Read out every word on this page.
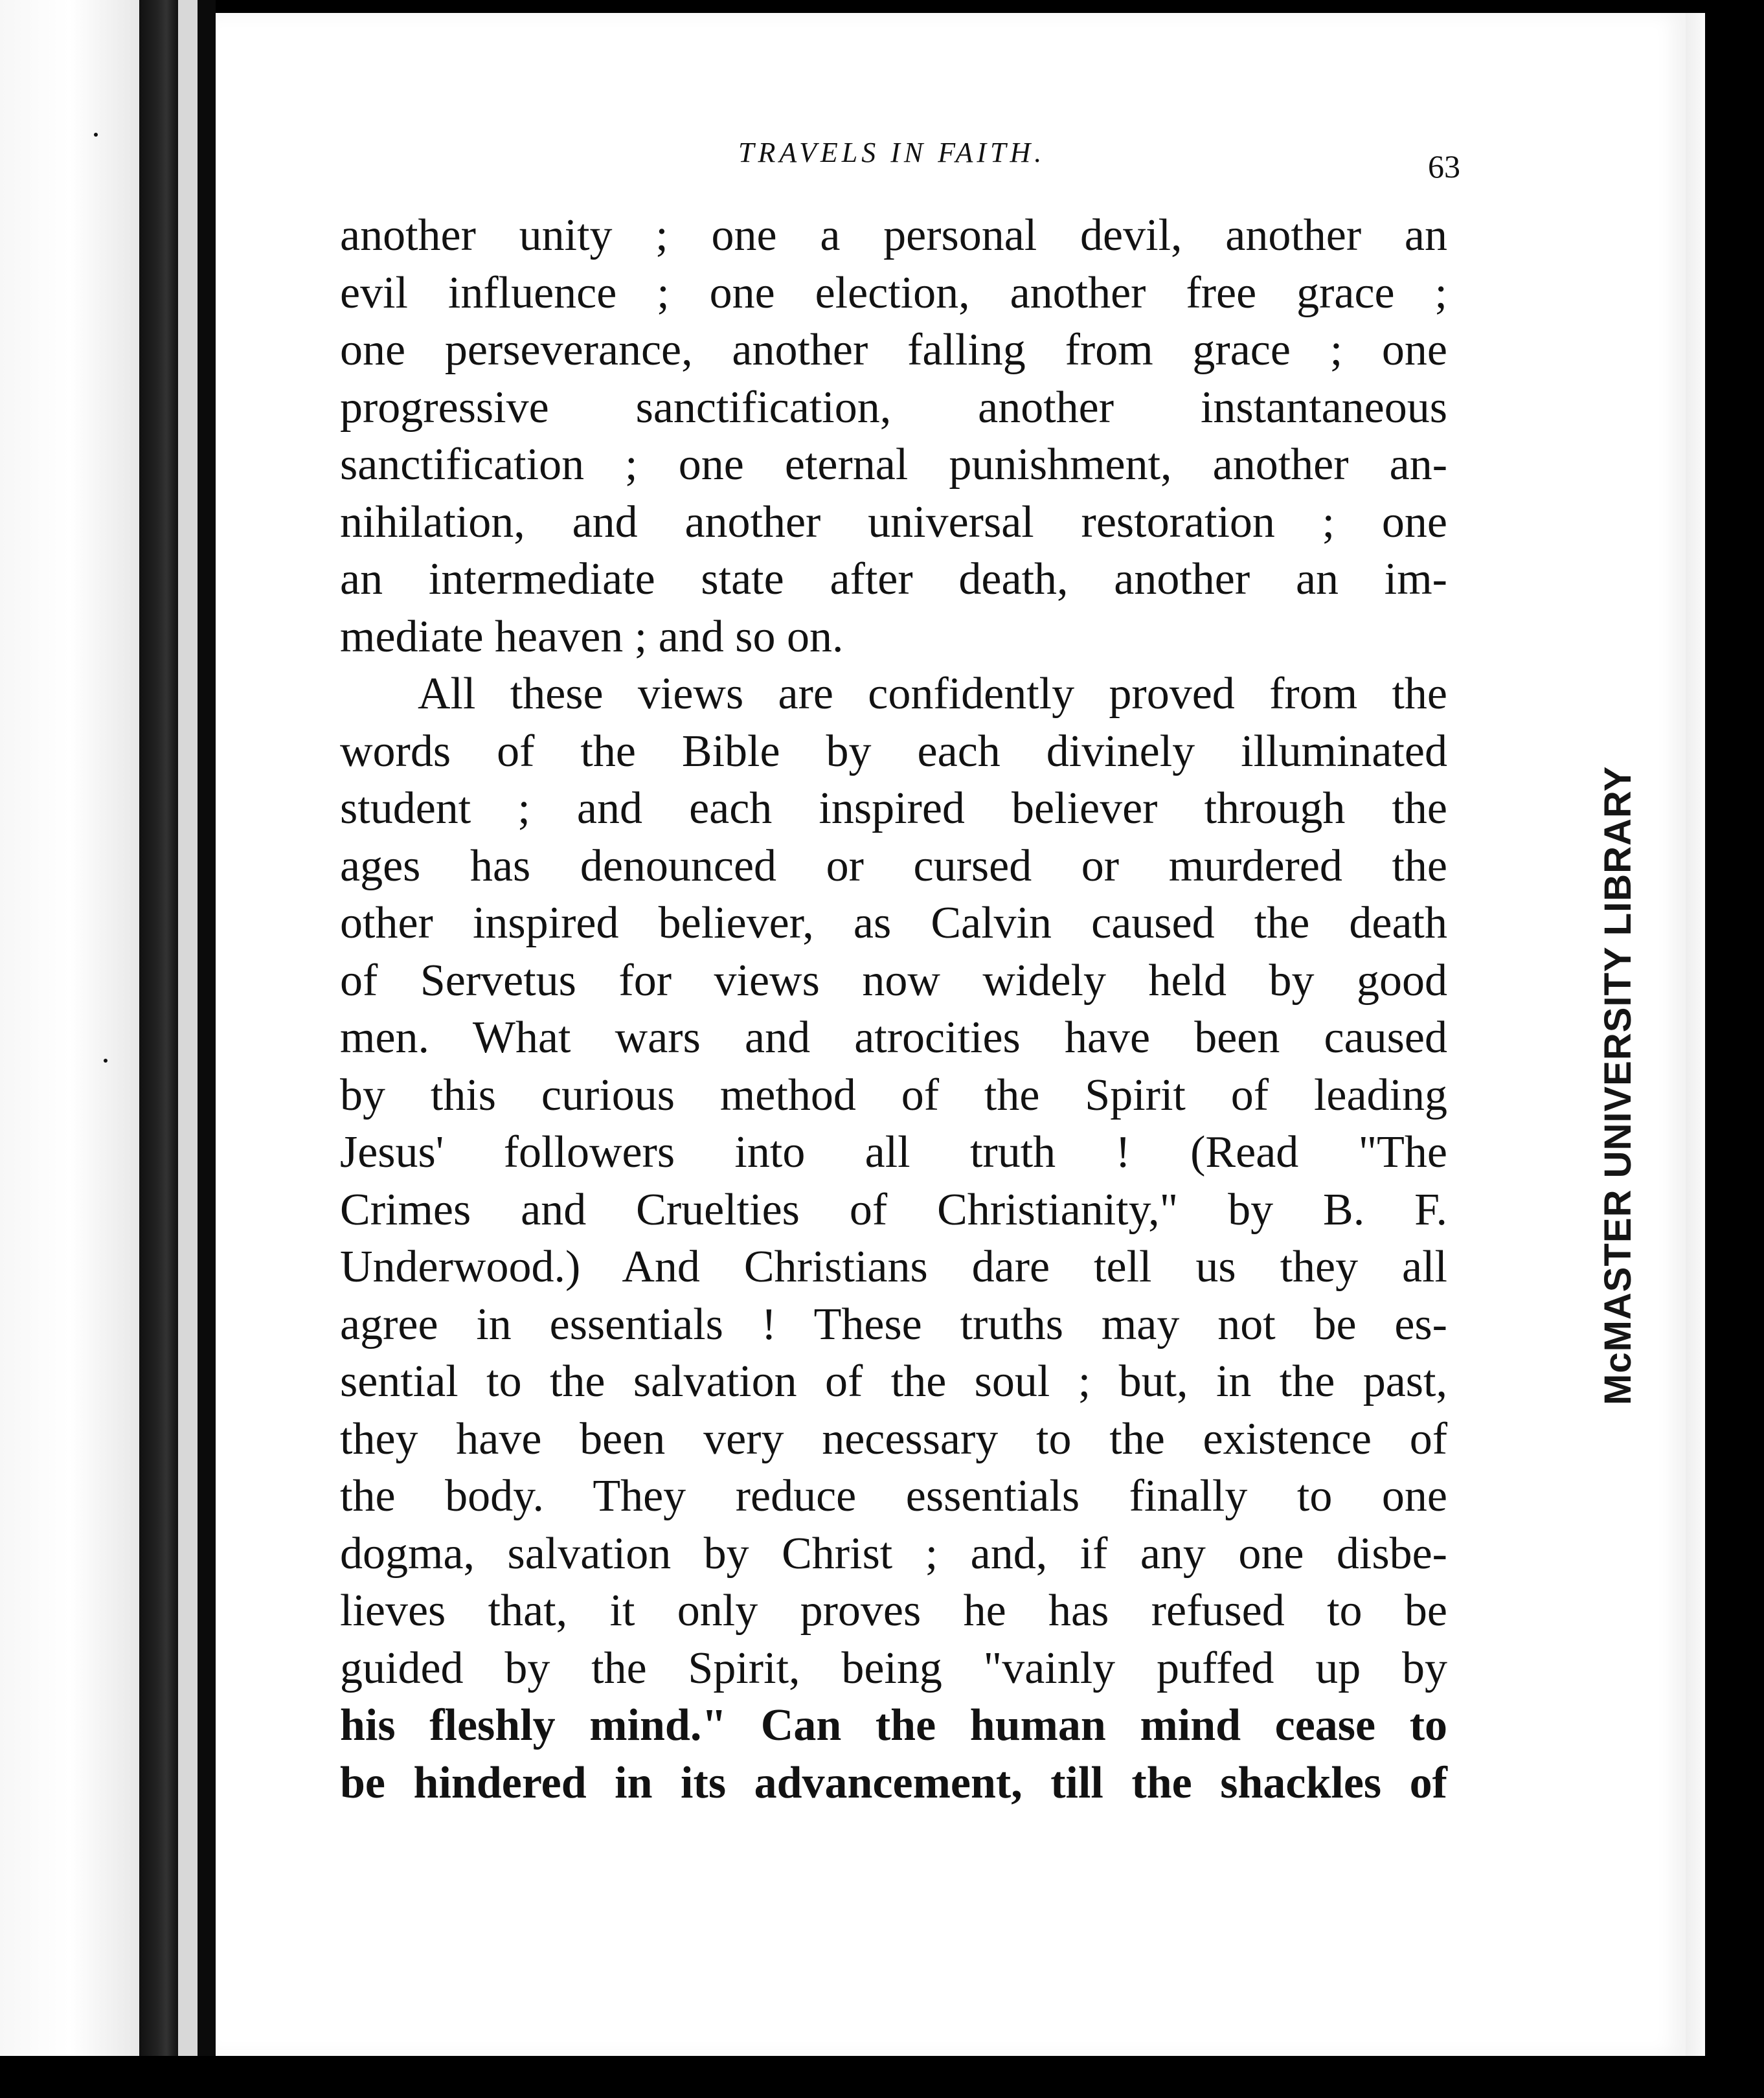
TRAVELS IN FAITH.	63
another unity ; one a personal devil, another an
evil influence ; one election, another free grace ;
one perseverance, another falling from grace ; one
progressive sanctification, another instantaneous
sanctification ; one eternal punishment, another an-
nihilation, and another universal restoration ; one
an intermediate state after death, another an im-
mediate heaven ; and so on.
All these views are confidently proved from the
words of the Bible by each divinely illuminated
student ; and each inspired believer through the
ages has denounced or cursed or murdered the
other inspired believer, as Calvin caused the death
of Servetus for views now widely held by good
men. What wars and atrocities have been caused
by this curious method of the Spirit of leading
Jesus' followers into all truth ! (Read "The
Crimes and Cruelties of Christianity," by B. F.
Underwood.) And Christians dare tell us they all
agree in essentials ! These truths may not be es-
sential to the salvation of the soul ; but, in the past,
they have been very necessary to the existence of
the body. They reduce essentials finally to one
dogma, salvation by Christ ; and, if any one disbe-
lieves that, it only proves he has refused to be
guided by the Spirit, being "vainly puffed up by
his fleshly mind." Can the human mind cease to
be hindered in its advancement, till the shackles of
McMASTER UNIVERSITY LIBRARY
